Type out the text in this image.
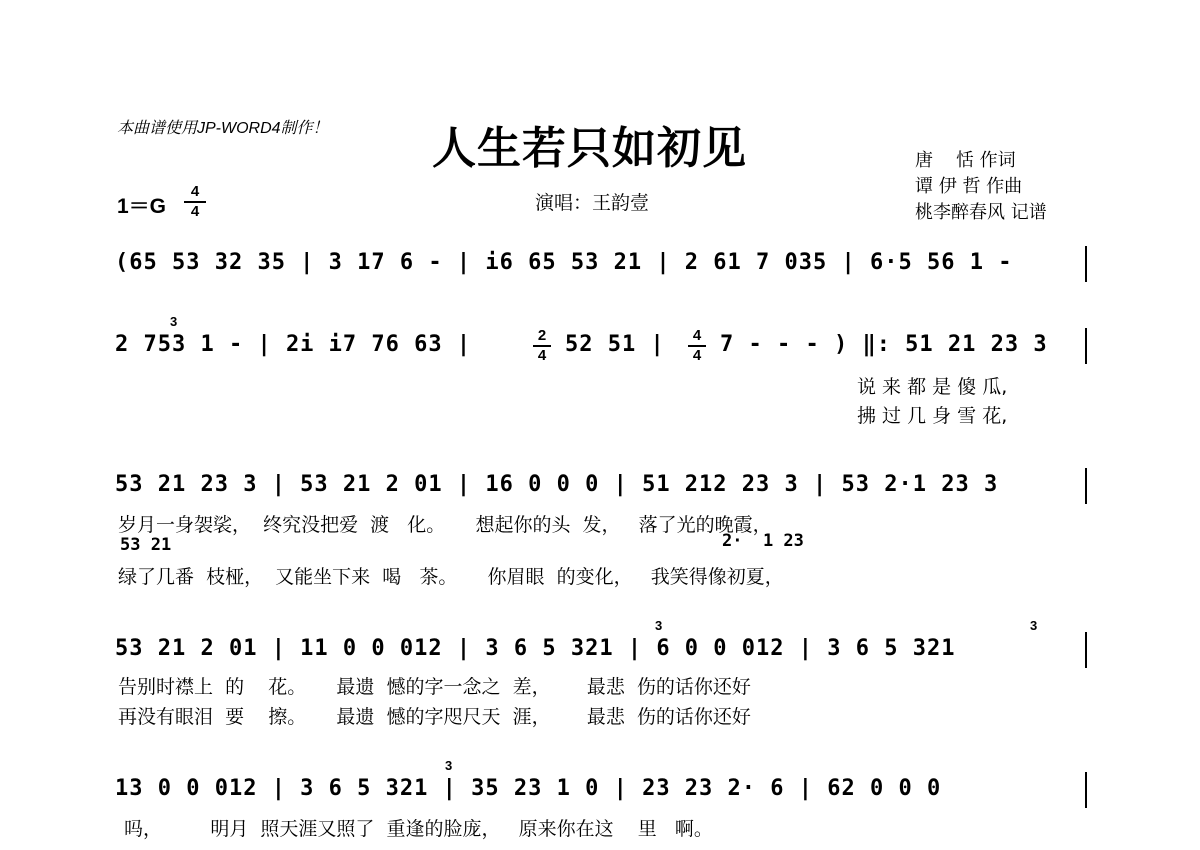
本曲谱使用JP-WORD4制作！ 人生若只如初见
1＝G
4
4	演唱：王韵壹
唐    恬 作词
谭 伊 哲 作曲
桃李醉春风 记谱
(65 53 32 35 | 3 17 6 - | i6 65 53 21 | 2 61 7 035 | 6·5 56 1 -
3
2 753 1 - | 2i i7 76 63 |	2
4 52 51 |	4
4 7 - - - ) ‖: 51 21 23 3
说 来 都 是 傻 瓜,
拂 过 几 身 雪 花,
53 21 23 3 | 53 21 2 01 | 16 0 0 0 | 51 212 23 3 | 53 2·1 23 3
岁月一身袈裟，  终究没把爱  渡   化。     想起你的头  发，   落了光的晚霞，
53 21	2·  1 23
绿了几番  枝桠，  又能坐下来  喝   茶。     你眉眼  的变化，   我笑得像初夏，
3	3
53 21 2 01 | 11 0 0 012 | 3 6 5 321 | 6 0 0 012 | 3 6 5 321
告别时襟上  的    花。     最遗  憾的字一念之  差，      最悲  伤的话你还好
再没有眼泪  要    擦。     最遗  憾的字咫尺天  涯，      最悲  伤的话你还好
3
13 0 0 012 | 3 6 5 321 | 35 23 1 0 | 23 23 2· 6 | 62 0 0 0
吗，        明月  照天涯又照了  重逢的脸庞，   原来你在这    里   啊。
